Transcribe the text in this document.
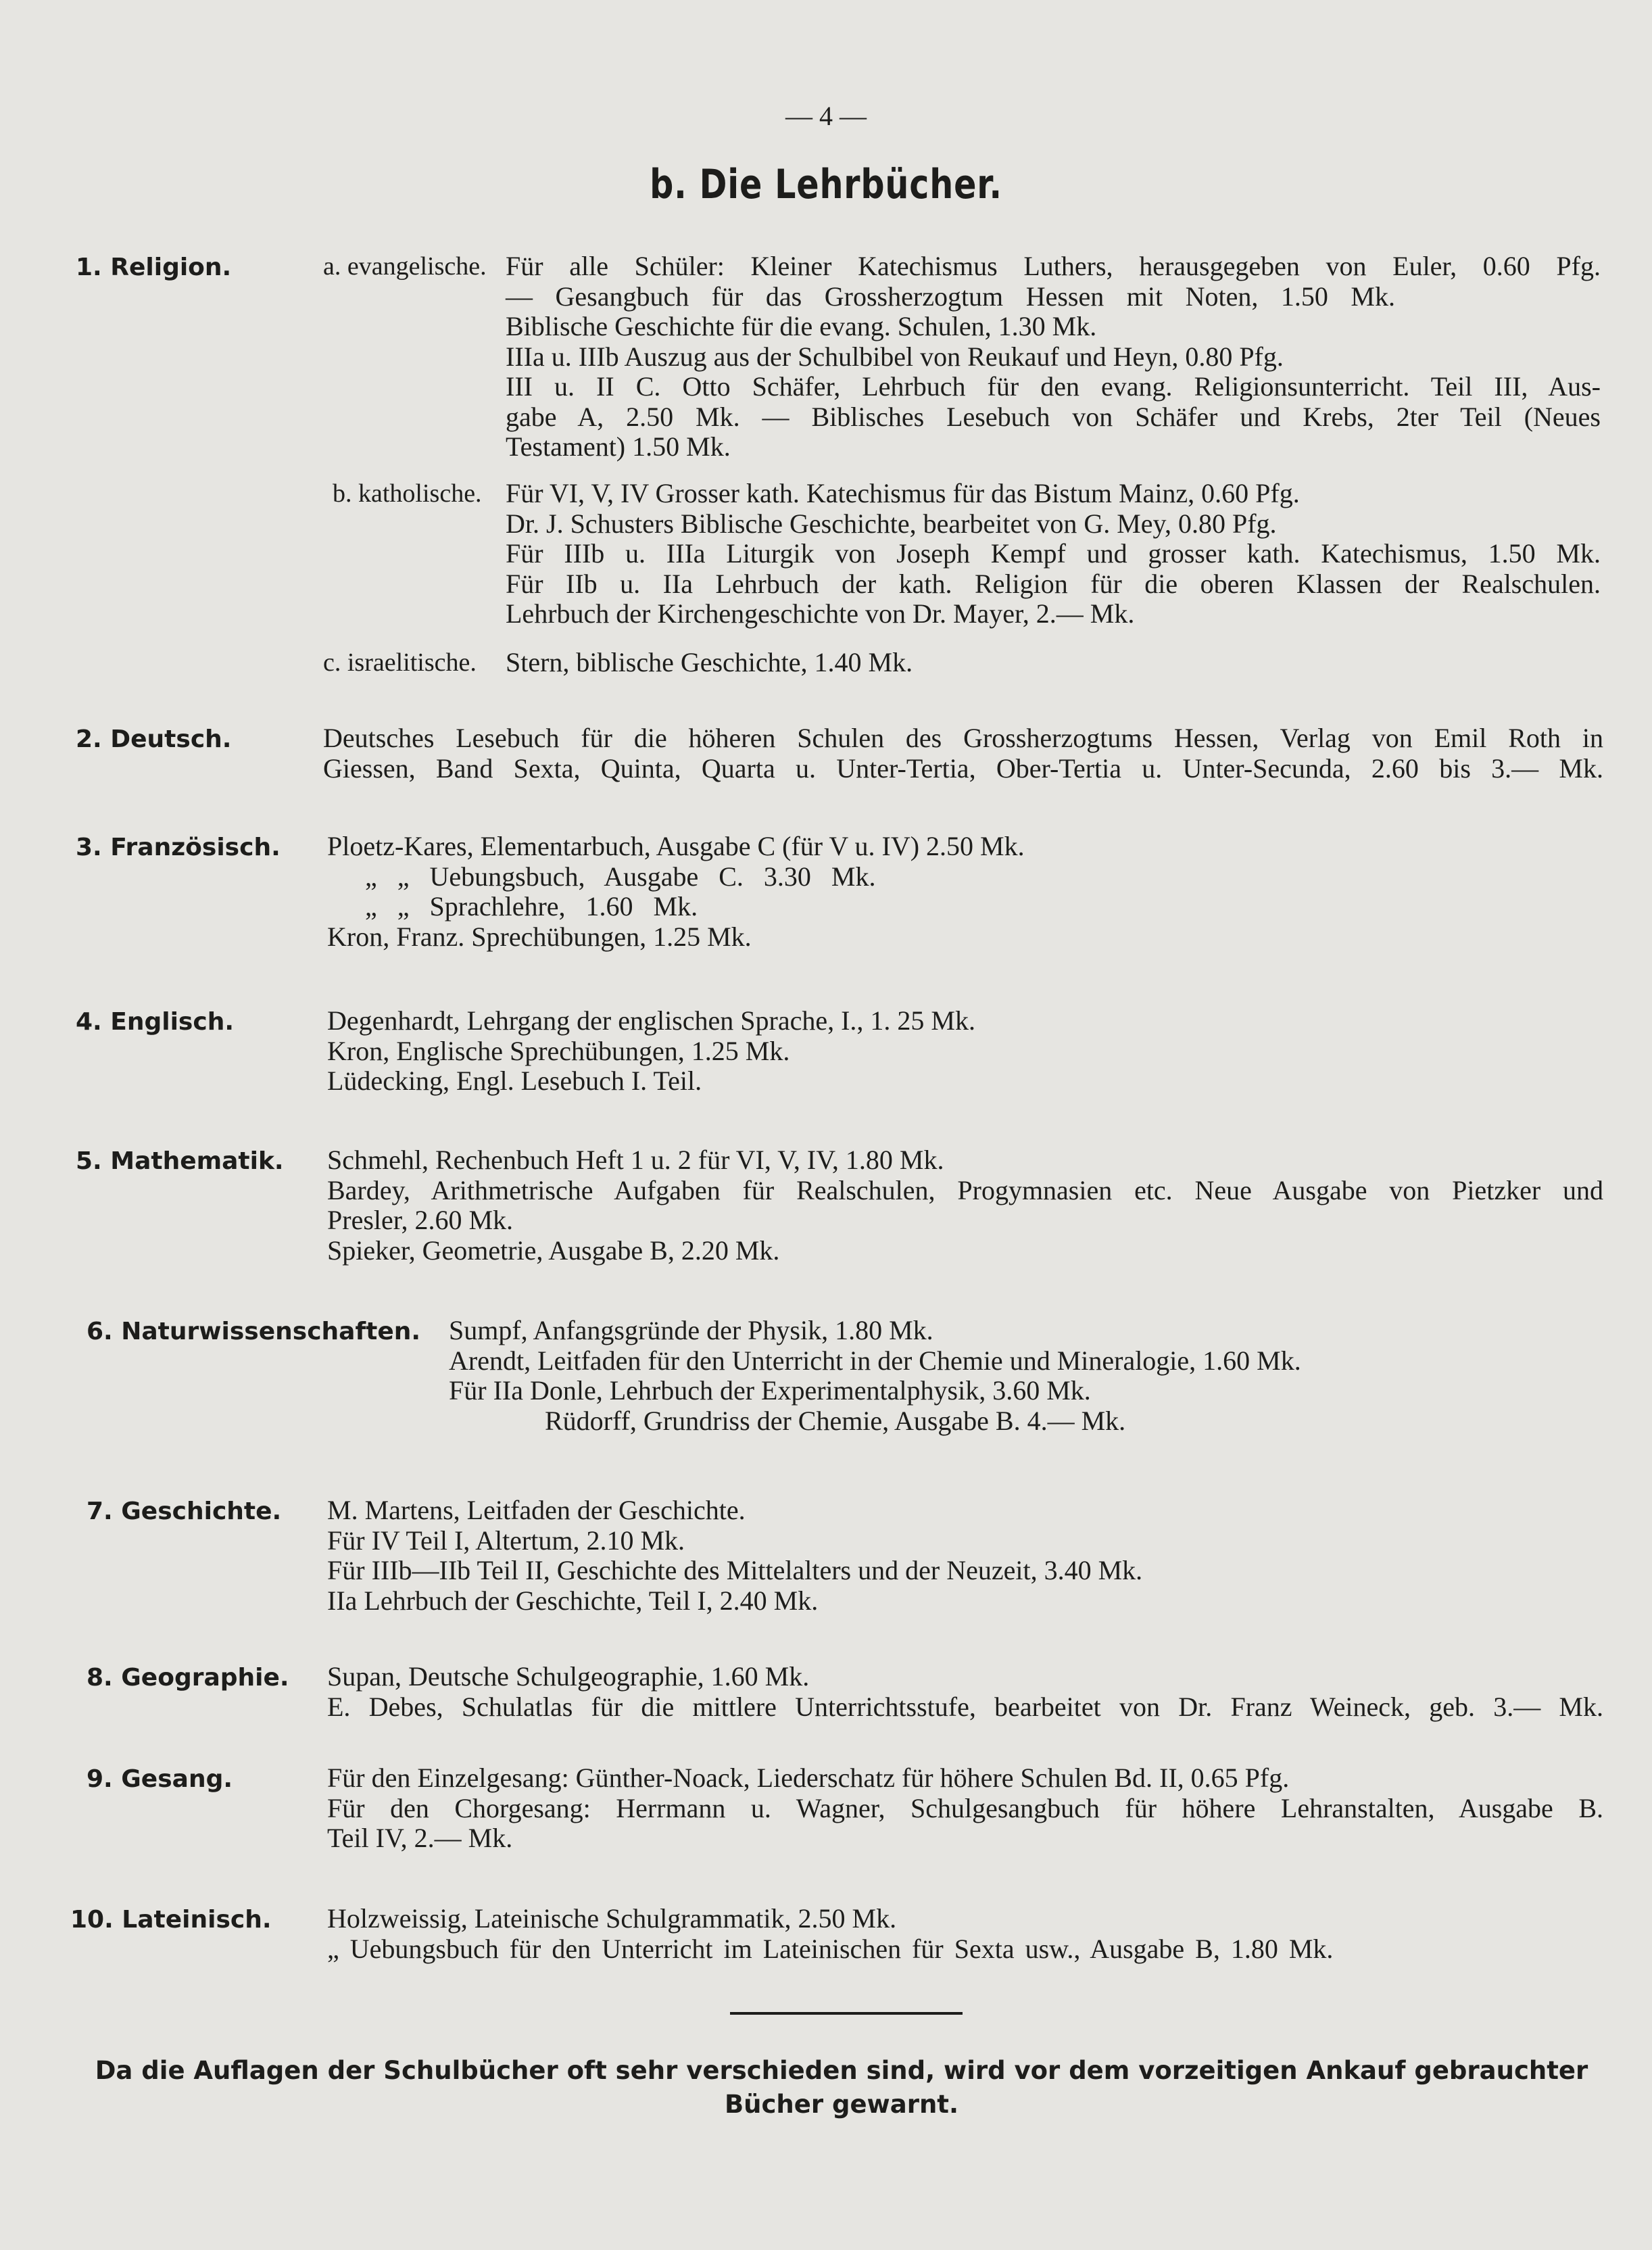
— 4 —
b. Die Lehrbücher.
1. Religion.	a. evangelische. Für alle Schüler: Kleiner Katechismus Luthers, herausgegeben von Euler, 0.60 Pfg.
— Gesangbuch für das Grossherzogtum Hessen mit Noten, 1.50 Mk.
Biblische Geschichte für die evang. Schulen, 1.30 Mk.
IIIa u. IIIb Auszug aus der Schulbibel von Reukauf und Heyn, 0.80 Pfg.
III u. II C. Otto Schäfer, Lehrbuch für den evang. Religionsunterricht. Teil III, Aus-
gabe A, 2.50 Mk. — Biblisches Lesebuch von Schäfer und Krebs, 2ter Teil (Neues
Testament) 1.50 Mk.
b. katholische. Für VI, V, IV Grosser kath. Katechismus für das Bistum Mainz, 0.60 Pfg.
Dr. J. Schusters Biblische Geschichte, bearbeitet von G. Mey, 0.80 Pfg.
Für IIIb u. IIIa Liturgik von Joseph Kempf und grosser kath. Katechismus, 1.50 Mk.
Für IIb u. IIa Lehrbuch der kath. Religion für die oberen Klassen der Realschulen.
Lehrbuch der Kirchengeschichte von Dr. Mayer, 2.— Mk.
c. israelitische. Stern, biblische Geschichte, 1.40 Mk.
2. Deutsch.	Deutsches Lesebuch für die höheren Schulen des Grossherzogtums Hessen, Verlag von Emil Roth in
Giessen, Band Sexta, Quinta, Quarta u. Unter-Tertia, Ober-Tertia u. Unter-Secunda, 2.60 bis 3.— Mk.
3. Französisch. Ploetz-Kares, Elementarbuch, Ausgabe C (für V u. IV) 2.50 Mk.
„ „ Uebungsbuch, Ausgabe C. 3.30 Mk.
„ „ Sprachlehre, 1.60 Mk.
Kron, Franz. Sprechübungen, 1.25 Mk.
4. Englisch.	Degenhardt, Lehrgang der englischen Sprache, I., 1. 25 Mk.
Kron, Englische Sprechübungen, 1.25 Mk.
Lüdecking, Engl. Lesebuch I. Teil.
5. Mathematik. Schmehl, Rechenbuch Heft 1 u. 2 für VI, V, IV, 1.80 Mk.
Bardey, Arithmetrische Aufgaben für Realschulen, Progymnasien etc. Neue Ausgabe von Pietzker und
Presler, 2.60 Mk.
Spieker, Geometrie, Ausgabe B, 2.20 Mk.
6. Naturwissenschaften. Sumpf, Anfangsgründe der Physik, 1.80 Mk.
Arendt, Leitfaden für den Unterricht in der Chemie und Mineralogie, 1.60 Mk.
Für IIa Donle, Lehrbuch der Experimentalphysik, 3.60 Mk.
Rüdorff, Grundriss der Chemie, Ausgabe B. 4.— Mk.
7. Geschichte. M. Martens, Leitfaden der Geschichte.
Für IV Teil I, Altertum, 2.10 Mk.
Für IIIb—IIb Teil II, Geschichte des Mittelalters und der Neuzeit, 3.40 Mk.
IIa Lehrbuch der Geschichte, Teil I, 2.40 Mk.
8. Geographie. Supan, Deutsche Schulgeographie, 1.60 Mk.
E. Debes, Schulatlas für die mittlere Unterrichtsstufe, bearbeitet von Dr. Franz Weineck, geb. 3.— Mk.
9. Gesang.	Für den Einzelgesang: Günther-Noack, Liederschatz für höhere Schulen Bd. II, 0.65 Pfg.
Für den Chorgesang: Herrmann u. Wagner, Schulgesangbuch für höhere Lehranstalten, Ausgabe B.
Teil IV, 2.— Mk.
10. Lateinisch. Holzweissig, Lateinische Schulgrammatik, 2.50 Mk.
„ Uebungsbuch für den Unterricht im Lateinischen für Sexta usw., Ausgabe B, 1.80 Mk.
Da die Auflagen der Schulbücher oft sehr verschieden sind, wird vor dem vorzeitigen Ankauf gebrauchter
Bücher gewarnt.
